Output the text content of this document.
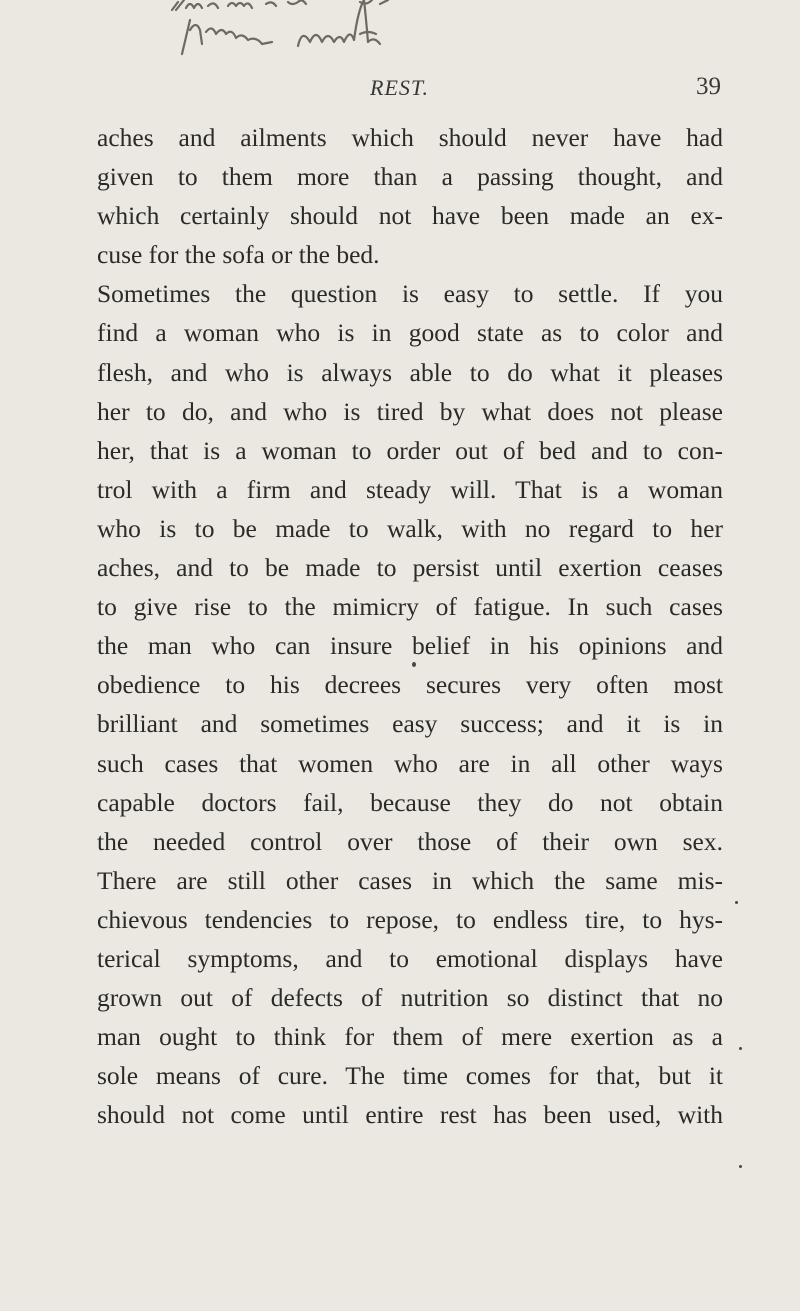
REST.	39
aches and ailments which should never have had
given to them more than a passing thought, and
which certainly should not have been made an ex-
cuse for the sofa or the bed.
Sometimes the question is easy to settle. If you
find a woman who is in good state as to color and
flesh, and who is always able to do what it pleases
her to do, and who is tired by what does not please
her, that is a woman to order out of bed and to con-
trol with a firm and steady will. That is a woman
who is to be made to walk, with no regard to her
aches, and to be made to persist until exertion ceases
to give rise to the mimicry of fatigue. In such cases
the man who can insure belief in his opinions and
obedience to his decrees secures very often most
brilliant and sometimes easy success; and it is in
such cases that women who are in all other ways
capable doctors fail, because they do not obtain
the needed control over those of their own sex.
There are still other cases in which the same mis-
chievous tendencies to repose, to endless tire, to hys-
terical symptoms, and to emotional displays have
grown out of defects of nutrition so distinct that no
man ought to think for them of mere exertion as a
sole means of cure. The time comes for that, but it
should not come until entire rest has been used, with
